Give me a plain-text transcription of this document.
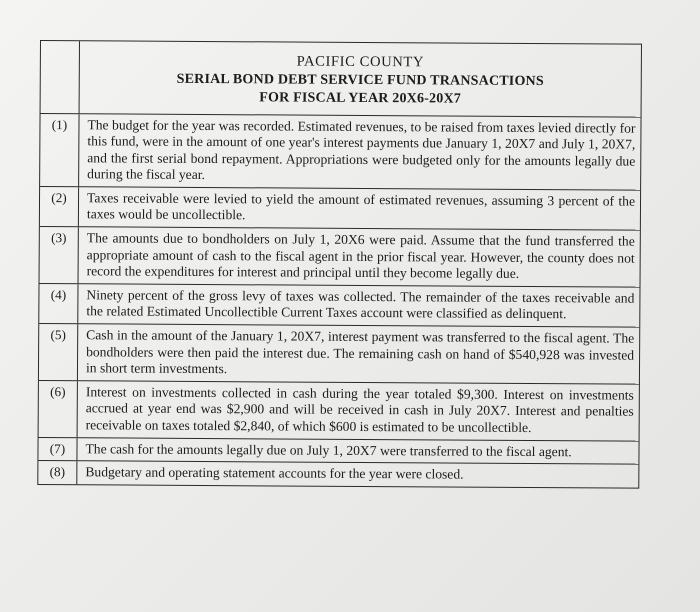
PACIFIC COUNTY
SERIAL BOND DEBT SERVICE FUND TRANSACTIONS
FOR FISCAL YEAR 20X6-20X7
(1)	The budget for the year was recorded. Estimated revenues, to be raised from taxes levied directly for this fund, were in the amount of one year's interest payments due January 1, 20X7 and July 1, 20X7, and the first serial bond repayment. Appropriations were budgeted only for the amounts legally due during the fiscal year.
(2)	Taxes receivable were levied to yield the amount of estimated revenues, assuming 3 percent of the taxes would be uncollectible.
(3)	The amounts due to bondholders on July 1, 20X6 were paid. Assume that the fund transferred the appropriate amount of cash to the fiscal agent in the prior fiscal year. However, the county does not record the expenditures for interest and principal until they become legally due.
(4)	Ninety percent of the gross levy of taxes was collected. The remainder of the taxes receivable and the related Estimated Uncollectible Current Taxes account were classified as delinquent.
(5)	Cash in the amount of the January 1, 20X7, interest payment was transferred to the fiscal agent. The bondholders were then paid the interest due. The remaining cash on hand of $540,928 was invested in short term investments.
(6)	Interest on investments collected in cash during the year totaled $9,300. Interest on investments accrued at year end was $2,900 and will be received in cash in July 20X7. Interest and penalties receivable on taxes totaled $2,840, of which $600 is estimated to be uncollectible.
(7)	The cash for the amounts legally due on July 1, 20X7 were transferred to the fiscal agent.
(8)	Budgetary and operating statement accounts for the year were closed.
